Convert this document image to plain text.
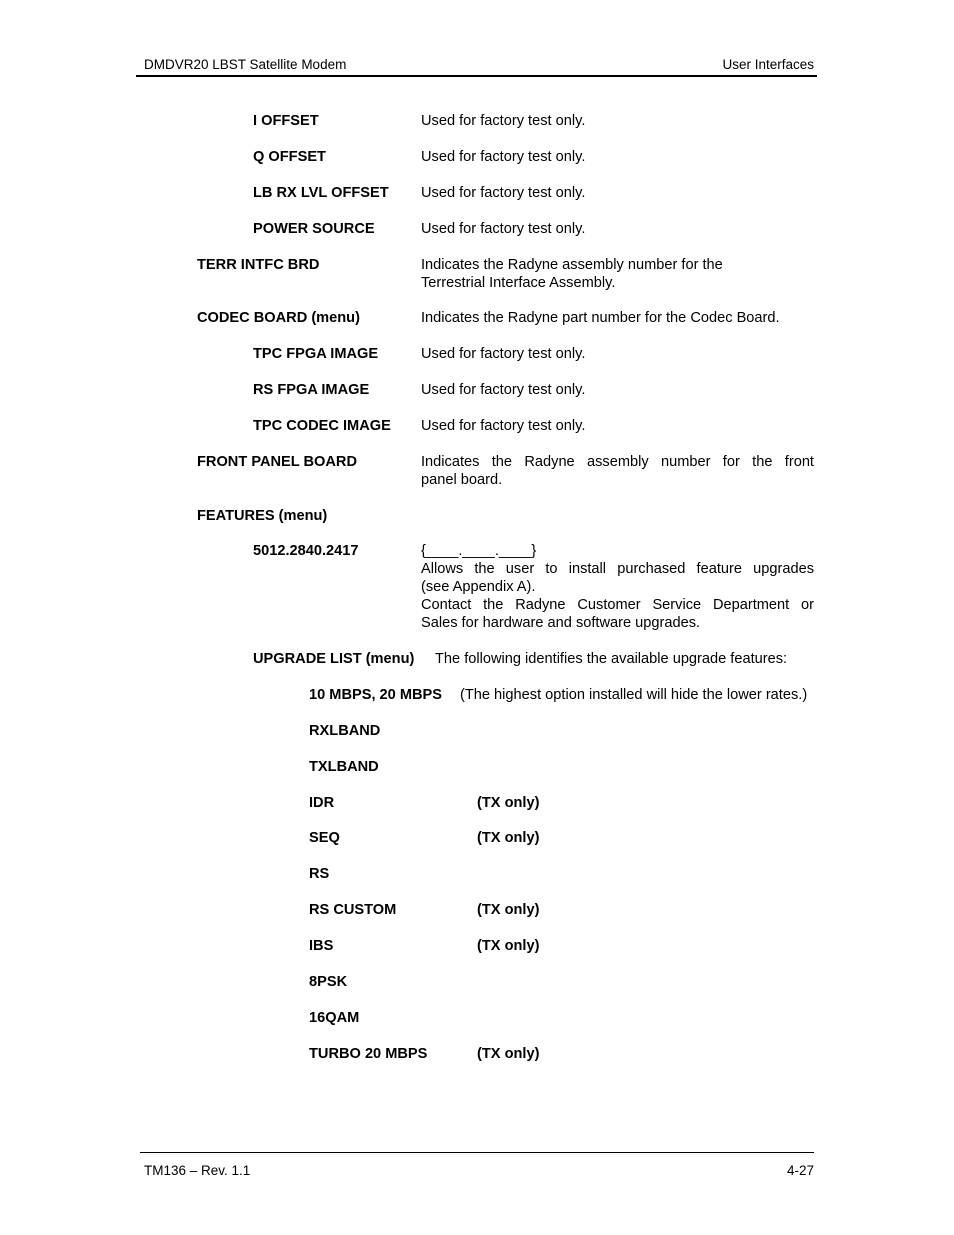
DMDVR20 LBST Satellite Modem	User Interfaces
I OFFSET	Used for factory test only.
Q OFFSET	Used for factory test only.
LB RX LVL OFFSET Used for factory test only.
POWER SOURCE	Used for factory test only.
TERR INTFC BRD	Indicates the Radyne assembly number for the
Terrestrial Interface Assembly.
CODEC BOARD (menu)	Indicates the Radyne part number for the Codec Board.
TPC FPGA IMAGE	Used for factory test only.
RS FPGA IMAGE	Used for factory test only.
TPC CODEC IMAGE Used for factory test only.
FRONT PANEL BOARD	Indicates the Radyne assembly number for the front
panel board.
FEATURES (menu)
5012.2840.2417	{____.____.____}
Allows the user to install purchased feature upgrades
(see Appendix A).
Contact the Radyne Customer Service Department or
Sales for hardware and software upgrades.
UPGRADE LIST (menu) The following identifies the available upgrade features:
10 MBPS, 20 MBPS (The highest option installed will hide the lower rates.)
RXLBAND
TXLBAND
IDR	(TX only)
SEQ	(TX only)
RS
RS CUSTOM	(TX only)
IBS	(TX only)
8PSK
16QAM
TURBO 20 MBPS	(TX only)
TM136 – Rev. 1.1	4-27
